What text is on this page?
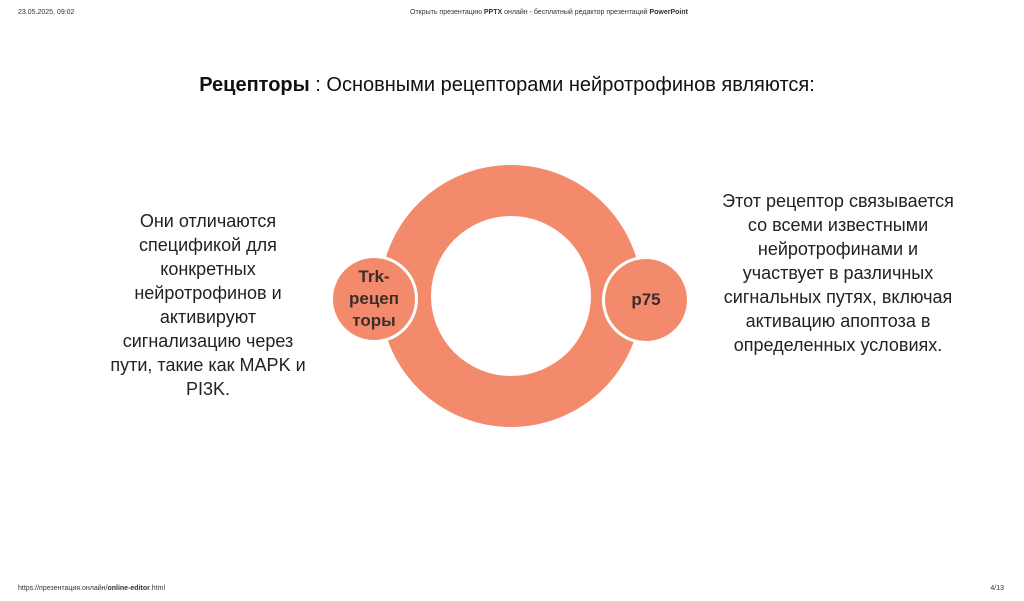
23.05.2025, 09:02	Открыть презентацию PPTX онлайн - бесплатный редактор презентаций PowerPoint
Рецепторы : Основными рецепторами нейротрофинов являются:
Они отличаются спецификой для конкретных нейротрофинов и активируют сигнализацию через пути, такие как MAPK и PI3K.
Trk-
рецеп
торы
p75
Этот рецептор связывается со всеми известными нейротрофинами и участвует в различных сигнальных путях, включая активацию апоптоза в определенных условиях.
https://презентация.онлайн/online-editor.html	4/13
